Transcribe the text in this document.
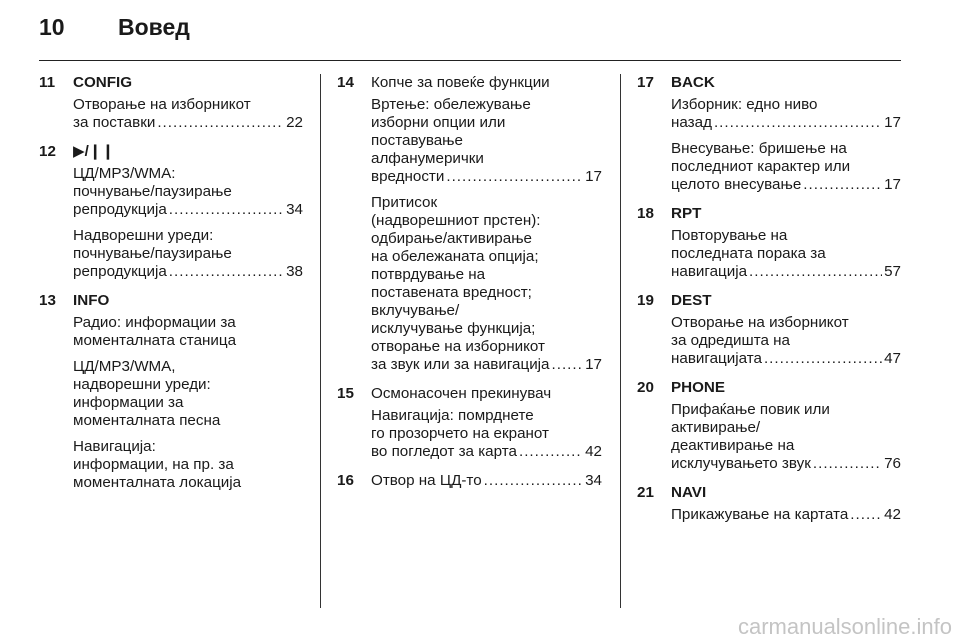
10 Вовед
11 CONFIG
Отворање на изборникот
за поставки .....	22
12 ▶/❙❙
ЦД/MP3/WMA:
почнување/паузирање
репродукција .....	34
Надворешни уреди:
почнување/паузирање
репродукција .....	38
13 INFO
Радио: информации за
моменталната станица
ЦД/MP3/WMA,
надворешни уреди:
информации за
моменталната песна
Навигација:
информации, на пр. за
моменталната локација
14 Копче за повеќе функции
Вртење: обележување
изборни опции или
поставување
алфанумерички
вредности .....	17
Притисок
(надворешниот прстен):
одбирање/активирање
на обележаната опција;
потврдување на
поставената вредност;
вклучување/
исклучување функција;
отворање на изборникот
за звук или за навигација ..... 17
15 Осмонасочен прекинувач
Навигација: помрднете
го прозорчето на екранот
во погледот за карта .....	42
16 Отвор на ЦД-то .....	34
17 BACK
Изборник: едно ниво
назад .....	17
Внесување: бришење на
последниот карактер или
целото внесување .....	17
18 RPT
Повторување на
последната порака за
навигација .....	57
19 DEST
Отворање на изборникот
за одредишта на
навигацијата .....	47
20 PHONE
Прифаќање повик или
активирање/
деактивирање на
исклучувањето звук .....	76
21 NAVI
Прикажување на картата ..... 42
carmanualsonline.info
